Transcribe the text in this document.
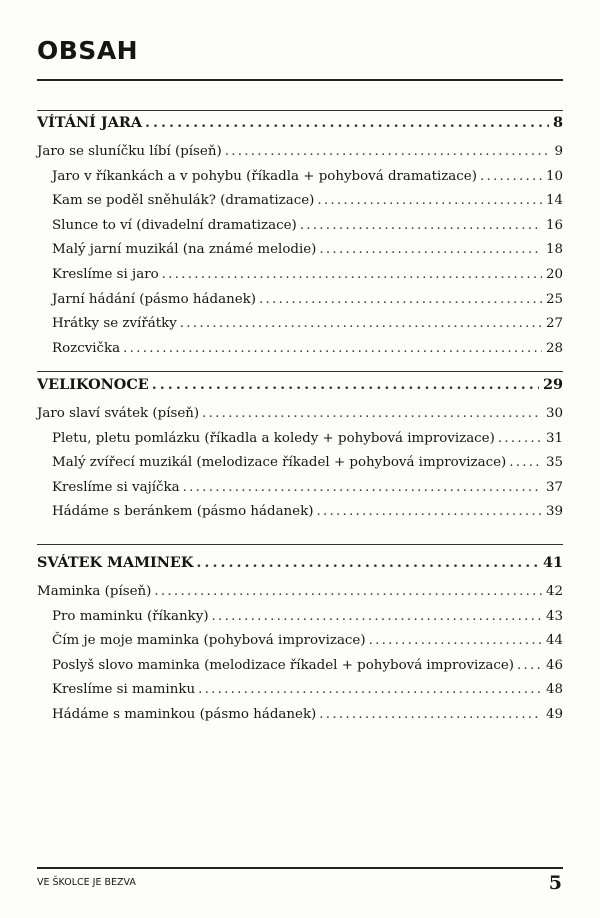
OBSAH
VÍTÁNÍ JARA . . .	8
Jaro se sluníčku líbí (píseň) . . .	9
Jaro v říkankách a v pohybu (říkadla + pohybová dramatizace) . . .	10
Kam se poděl sněhulák? (dramatizace) . . .	14
Slunce to ví (divadelní dramatizace) . . .	16
Malý jarní muzikál (na známé melodie) . . .	18
Kreslíme si jaro . . .	20
Jarní hádání (pásmo hádanek) . . .	25
Hrátky se zvířátky . . .	27
Rozcvička . . .	28
VELIKONOCE . . .	29
Jaro slaví svátek (píseň) . . .	30
Pletu, pletu pomlázku (říkadla a koledy + pohybová improvizace) . . .	31
Malý zvířecí muzikál (melodizace říkadel + pohybová improvizace) . . .	35
Kreslíme si vajíčka . . .	37
Hádáme s beránkem (pásmo hádanek) . . .	39
SVÁTEK MAMINEK . . .	41
Maminka (píseň) . . .	42
Pro maminku (říkanky) . . .	43
Čím je moje maminka (pohybová improvizace) . . .	44
Poslyš slovo maminka (melodizace říkadel + pohybová improvizace) . . . 46
Kreslíme si maminku . . .	48
Hádáme s maminkou (pásmo hádanek) . . .	49
VE ŠKOLCE JE BEZVA	5
